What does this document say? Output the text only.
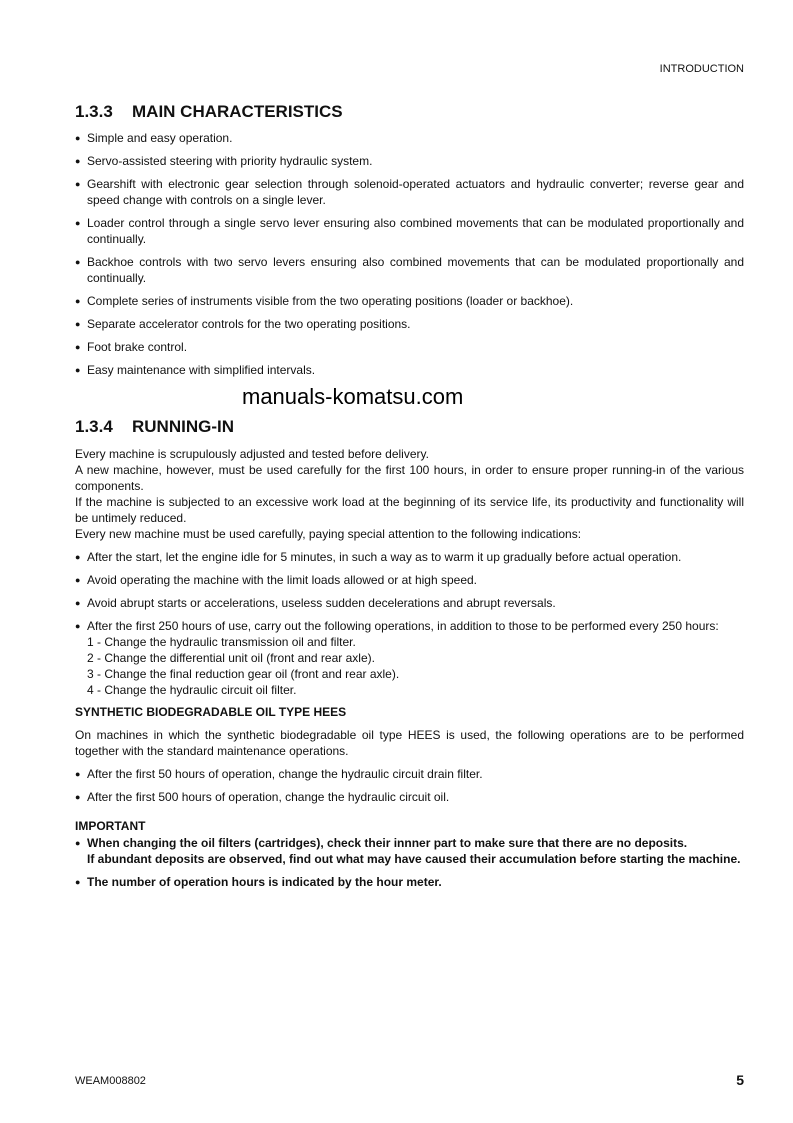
INTRODUCTION
1.3.3 MAIN CHARACTERISTICS
● Simple and easy operation.
● Servo-assisted steering with priority hydraulic system.
● Gearshift with electronic gear selection through solenoid-operated actuators and hydraulic converter; reverse gear and speed change with controls on a single lever.
● Loader control through a single servo lever ensuring also combined movements that can be modulated proportionally and continually.
● Backhoe controls with two servo levers ensuring also combined movements that can be modulated proportionally and continually.
● Complete series of instruments visible from the two operating positions (loader or backhoe).
● Separate accelerator controls for the two operating positions.
● Foot brake control.
● Easy maintenance with simplified intervals.
manuals-komatsu.com
1.3.4 RUNNING-IN
Every machine is scrupulously adjusted and tested before delivery.
A new machine, however, must be used carefully for the first 100 hours, in order to ensure proper running-in of the various components.
If the machine is subjected to an excessive work load at the beginning of its service life, its productivity and functionality will be untimely reduced.
Every new machine must be used carefully, paying special attention to the following indications:
● After the start, let the engine idle for 5 minutes, in such a way as to warm it up gradually before actual operation.
● Avoid operating the machine with the limit loads allowed or at high speed.
● Avoid abrupt starts or accelerations, useless sudden decelerations and abrupt reversals.
● After the first 250 hours of use, carry out the following operations, in addition to those to be performed every 250 hours:
1 - Change the hydraulic transmission oil and filter.
2 - Change the differential unit oil (front and rear axle).
3 - Change the final reduction gear oil (front and rear axle).
4 - Change the hydraulic circuit oil filter.
SYNTHETIC BIODEGRADABLE OIL TYPE HEES
On machines in which the synthetic biodegradable oil type HEES is used, the following operations are to be performed together with the standard maintenance operations.
● After the first 50 hours of operation, change the hydraulic circuit drain filter.
● After the first 500 hours of operation, change the hydraulic circuit oil.
IMPORTANT
● When changing the oil filters (cartridges), check their innner part to make sure that there are no deposits.
If abundant deposits are observed, find out what may have caused their accumulation before starting the machine.
● The number of operation hours is indicated by the hour meter.
WEAM008802	5
